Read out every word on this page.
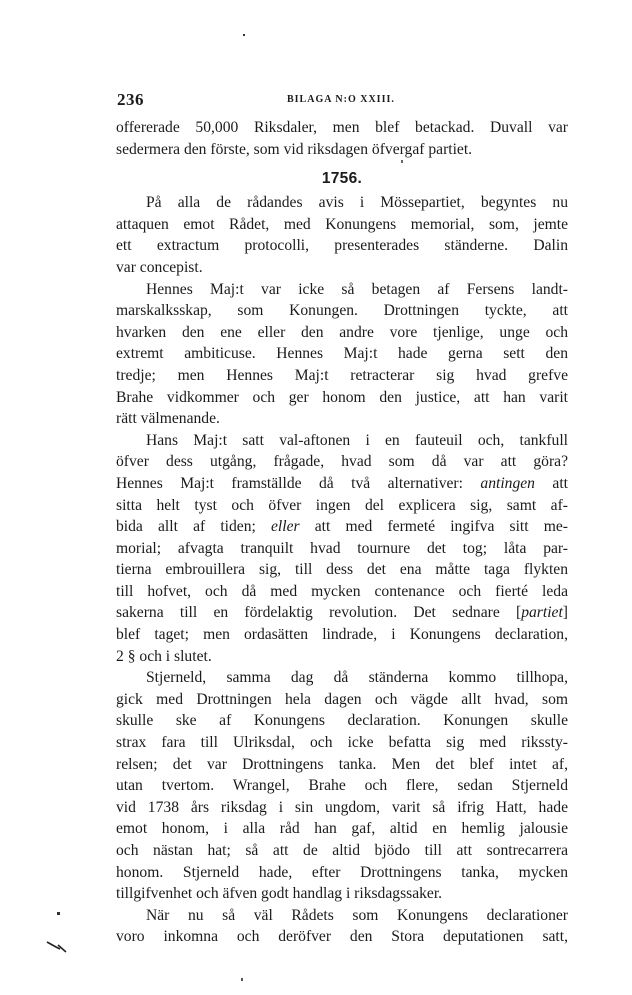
236	BILAGA N:O XXIII.
offererade 50,000 Riksdaler, men blef betackad. Duvall var
sedermera den förste, som vid riksdagen öfvergaf partiet.
1756.
På alla de rådandes avis i Mössepartiet, begyntes nu
attaquen emot Rådet, med Konungens memorial, som, jemte
ett extractum protocolli, presenterades ständerne. Dalin
var concepist.
Hennes Maj:t var icke så betagen af Fersens landt-
marskalksskap, som Konungen. Drottningen tyckte, att
hvarken den ene eller den andre vore tjenlige, unge och
extremt ambiticuse. Hennes Maj:t hade gerna sett den
tredje; men Hennes Maj:t retracterar sig hvad grefve
Brahe vidkommer och ger honom den justice, att han varit
rätt välmenande.
Hans Maj:t satt val-aftonen i en fauteuil och, tankfull
öfver dess utgång, frågade, hvad som då var att göra?
Hennes Maj:t framställde då två alternativer: antingen att
sitta helt tyst och öfver ingen del explicera sig, samt af-
bida allt af tiden; eller att med fermeté ingifva sitt me-
morial; afvagta tranquilt hvad tournure det tog; låta par-
tierna embrouillera sig, till dess det ena måtte taga flykten
till hofvet, och då med mycken contenance och fierté leda
sakerna till en fördelaktig revolution. Det sednare [partiet]
blef taget; men ordasätten lindrade, i Konungens declaration,
2 § och i slutet.
Stjerneld, samma dag då ständerna kommo tillhopa,
gick med Drottningen hela dagen och vägde allt hvad, som
skulle ske af Konungens declaration. Konungen skulle
strax fara till Ulriksdal, och icke befatta sig med rikssty-
relsen; det var Drottningens tanka. Men det blef intet af,
utan tvertom. Wrangel, Brahe och flere, sedan Stjerneld
vid 1738 års riksdag i sin ungdom, varit så ifrig Hatt, hade
emot honom, i alla råd han gaf, altid en hemlig jalousie
och nästan hat; så att de altid bjödo till att sontrecarrera
honom. Stjerneld hade, efter Drottningens tanka, mycken
tillgifvenhet och äfven godt handlag i riksdagssaker.
När nu så väl Rådets som Konungens declarationer
voro inkomna och deröfver den Stora deputationen satt,
